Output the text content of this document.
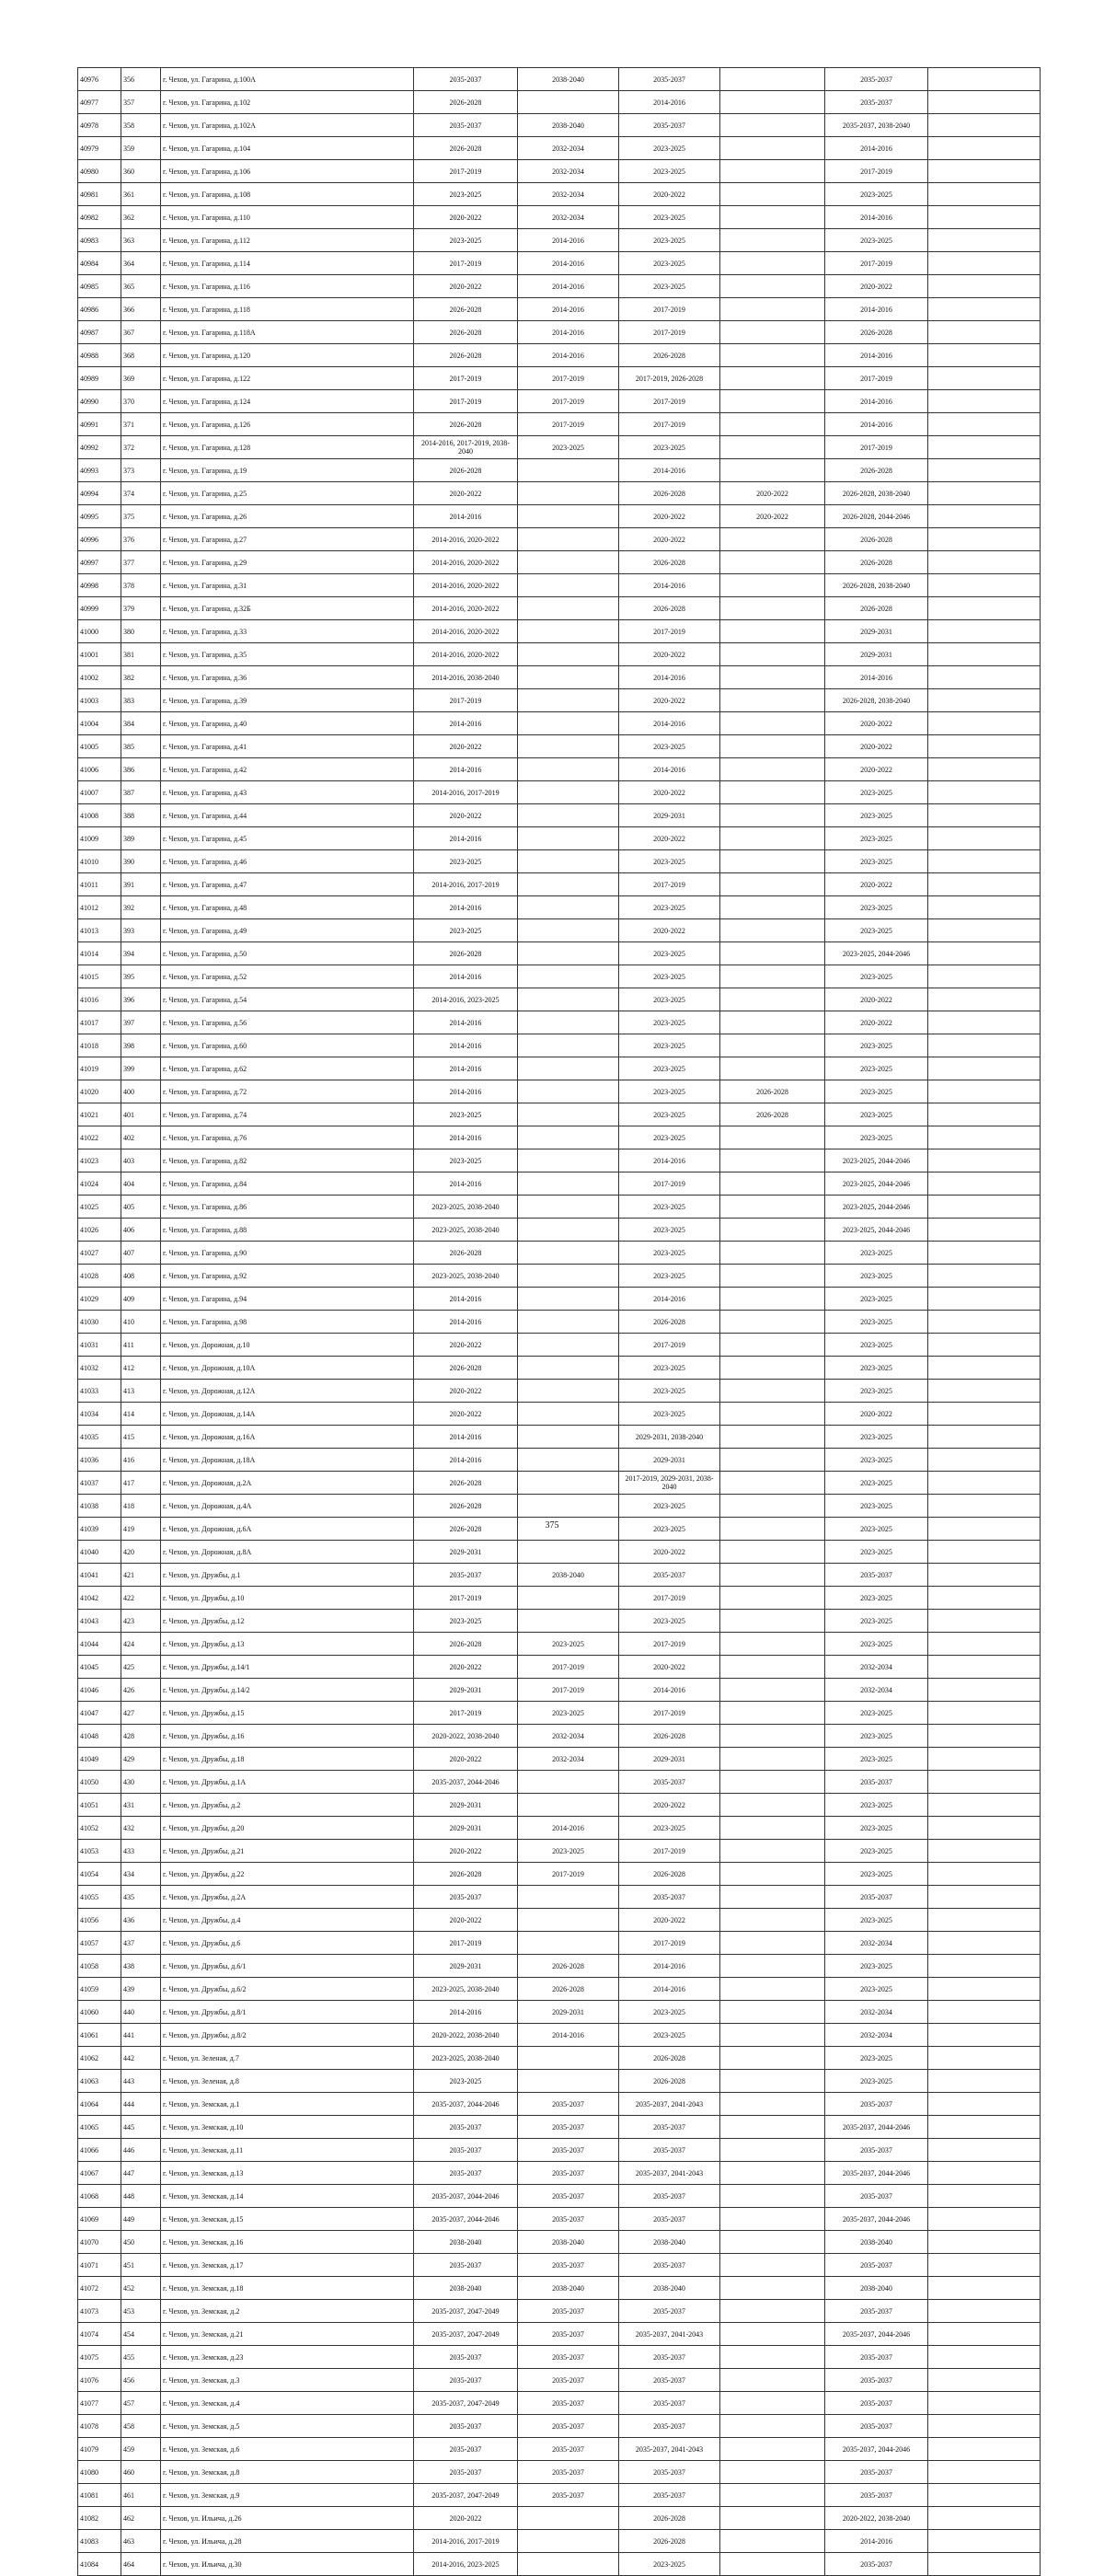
40976	356	г. Чехов, ул. Гагарина, д.100А	2035-2037	2038-2040	2035-2037		2035-2037	
40977	357	г. Чехов, ул. Гагарина, д.102	2026-2028		2014-2016		2035-2037	
40978	358	г. Чехов, ул. Гагарина, д.102А	2035-2037	2038-2040	2035-2037		2035-2037, 2038-2040	
40979	359	г. Чехов, ул. Гагарина, д.104	2026-2028	2032-2034	2023-2025		2014-2016	
40980	360	г. Чехов, ул. Гагарина, д.106	2017-2019	2032-2034	2023-2025		2017-2019	
40981	361	г. Чехов, ул. Гагарина, д.108	2023-2025	2032-2034	2020-2022		2023-2025	
40982	362	г. Чехов, ул. Гагарина, д.110	2020-2022	2032-2034	2023-2025		2014-2016	
40983	363	г. Чехов, ул. Гагарина, д.112	2023-2025	2014-2016	2023-2025		2023-2025	
40984	364	г. Чехов, ул. Гагарина, д.114	2017-2019	2014-2016	2023-2025		2017-2019	
40985	365	г. Чехов, ул. Гагарина, д.116	2020-2022	2014-2016	2023-2025		2020-2022	
40986	366	г. Чехов, ул. Гагарина, д.118	2026-2028	2014-2016	2017-2019		2014-2016	
40987	367	г. Чехов, ул. Гагарина, д.118А	2026-2028	2014-2016	2017-2019		2026-2028	
40988	368	г. Чехов, ул. Гагарина, д.120	2026-2028	2014-2016	2026-2028		2014-2016	
40989	369	г. Чехов, ул. Гагарина, д.122	2017-2019	2017-2019	2017-2019, 2026-2028		2017-2019	
40990	370	г. Чехов, ул. Гагарина, д.124	2017-2019	2017-2019	2017-2019		2014-2016	
40991	371	г. Чехов, ул. Гагарина, д.126	2026-2028	2017-2019	2017-2019		2014-2016	
40992	372	г. Чехов, ул. Гагарина, д.128	2014-2016, 2017-2019, 2038-2040	2023-2025	2023-2025		2017-2019	
40993	373	г. Чехов, ул. Гагарина, д.19	2026-2028		2014-2016		2026-2028	
40994	374	г. Чехов, ул. Гагарина, д.25	2020-2022		2026-2028	2020-2022	2026-2028, 2038-2040	
40995	375	г. Чехов, ул. Гагарина, д.26	2014-2016		2020-2022	2020-2022	2026-2028, 2044-2046	
40996	376	г. Чехов, ул. Гагарина, д.27	2014-2016, 2020-2022		2020-2022		2026-2028	
40997	377	г. Чехов, ул. Гагарина, д.29	2014-2016, 2020-2022		2026-2028		2026-2028	
40998	378	г. Чехов, ул. Гагарина, д.31	2014-2016, 2020-2022		2014-2016		2026-2028, 2038-2040	
40999	379	г. Чехов, ул. Гагарина, д.32Б	2014-2016, 2020-2022		2026-2028		2026-2028	
41000	380	г. Чехов, ул. Гагарина, д.33	2014-2016, 2020-2022		2017-2019		2029-2031	
41001	381	г. Чехов, ул. Гагарина, д.35	2014-2016, 2020-2022		2020-2022		2029-2031	
41002	382	г. Чехов, ул. Гагарина, д.36	2014-2016, 2038-2040		2014-2016		2014-2016	
41003	383	г. Чехов, ул. Гагарина, д.39	2017-2019		2020-2022		2026-2028, 2038-2040	
41004	384	г. Чехов, ул. Гагарина, д.40	2014-2016		2014-2016		2020-2022	
41005	385	г. Чехов, ул. Гагарина, д.41	2020-2022		2023-2025		2020-2022	
41006	386	г. Чехов, ул. Гагарина, д.42	2014-2016		2014-2016		2020-2022	
41007	387	г. Чехов, ул. Гагарина, д.43	2014-2016, 2017-2019		2020-2022		2023-2025	
41008	388	г. Чехов, ул. Гагарина, д.44	2020-2022		2029-2031		2023-2025	
41009	389	г. Чехов, ул. Гагарина, д.45	2014-2016		2020-2022		2023-2025	
41010	390	г. Чехов, ул. Гагарина, д.46	2023-2025		2023-2025		2023-2025	
41011	391	г. Чехов, ул. Гагарина, д.47	2014-2016, 2017-2019		2017-2019		2020-2022	
41012	392	г. Чехов, ул. Гагарина, д.48	2014-2016		2023-2025		2023-2025	
41013	393	г. Чехов, ул. Гагарина, д.49	2023-2025		2020-2022		2023-2025	
41014	394	г. Чехов, ул. Гагарина, д.50	2026-2028		2023-2025		2023-2025, 2044-2046	
41015	395	г. Чехов, ул. Гагарина, д.52	2014-2016		2023-2025		2023-2025	
41016	396	г. Чехов, ул. Гагарина, д.54	2014-2016, 2023-2025		2023-2025		2020-2022	
41017	397	г. Чехов, ул. Гагарина, д.56	2014-2016		2023-2025		2020-2022	
41018	398	г. Чехов, ул. Гагарина, д.60	2014-2016		2023-2025		2023-2025	
41019	399	г. Чехов, ул. Гагарина, д.62	2014-2016		2023-2025		2023-2025	
41020	400	г. Чехов, ул. Гагарина, д.72	2014-2016		2023-2025	2026-2028	2023-2025	
41021	401	г. Чехов, ул. Гагарина, д.74	2023-2025		2023-2025	2026-2028	2023-2025	
41022	402	г. Чехов, ул. Гагарина, д.76	2014-2016		2023-2025		2023-2025	
41023	403	г. Чехов, ул. Гагарина, д.82	2023-2025		2014-2016		2023-2025, 2044-2046	
41024	404	г. Чехов, ул. Гагарина, д.84	2014-2016		2017-2019		2023-2025, 2044-2046	
41025	405	г. Чехов, ул. Гагарина, д.86	2023-2025, 2038-2040		2023-2025		2023-2025, 2044-2046	
41026	406	г. Чехов, ул. Гагарина, д.88	2023-2025, 2038-2040		2023-2025		2023-2025, 2044-2046	
41027	407	г. Чехов, ул. Гагарина, д.90	2026-2028		2023-2025		2023-2025	
41028	408	г. Чехов, ул. Гагарина, д.92	2023-2025, 2038-2040		2023-2025		2023-2025	
41029	409	г. Чехов, ул. Гагарина, д.94	2014-2016		2014-2016		2023-2025	
41030	410	г. Чехов, ул. Гагарина, д.98	2014-2016		2026-2028		2023-2025	
41031	411	г. Чехов, ул. Дорожная, д.10	2020-2022		2017-2019		2023-2025	
41032	412	г. Чехов, ул. Дорожная, д.10А	2026-2028		2023-2025		2023-2025	
41033	413	г. Чехов, ул. Дорожная, д.12А	2020-2022		2023-2025		2023-2025	
41034	414	г. Чехов, ул. Дорожная, д.14А	2020-2022		2023-2025		2020-2022	
41035	415	г. Чехов, ул. Дорожная, д.16А	2014-2016		2029-2031, 2038-2040		2023-2025	
41036	416	г. Чехов, ул. Дорожная, д.18А	2014-2016		2029-2031		2023-2025	
41037	417	г. Чехов, ул. Дорожная, д.2А	2026-2028		2017-2019, 2029-2031, 2038-2040		2023-2025	
41038	418	г. Чехов, ул. Дорожная, д.4А	2026-2028		2023-2025		2023-2025	
41039	419	г. Чехов, ул. Дорожная, д.6А	2026-2028		2023-2025		2023-2025	
41040	420	г. Чехов, ул. Дорожная, д.8А	2029-2031		2020-2022		2023-2025	
41041	421	г. Чехов, ул. Дружбы, д.1	2035-2037	2038-2040	2035-2037		2035-2037	
41042	422	г. Чехов, ул. Дружбы, д.10	2017-2019		2017-2019		2023-2025	
41043	423	г. Чехов, ул. Дружбы, д.12	2023-2025		2023-2025		2023-2025	
41044	424	г. Чехов, ул. Дружбы, д.13	2026-2028	2023-2025	2017-2019		2023-2025	
41045	425	г. Чехов, ул. Дружбы, д.14/1	2020-2022	2017-2019	2020-2022		2032-2034	
41046	426	г. Чехов, ул. Дружбы, д.14/2	2029-2031	2017-2019	2014-2016		2032-2034	
41047	427	г. Чехов, ул. Дружбы, д.15	2017-2019	2023-2025	2017-2019		2023-2025	
41048	428	г. Чехов, ул. Дружбы, д.16	2020-2022, 2038-2040	2032-2034	2026-2028		2023-2025	
41049	429	г. Чехов, ул. Дружбы, д.18	2020-2022	2032-2034	2029-2031		2023-2025	
41050	430	г. Чехов, ул. Дружбы, д.1А	2035-2037, 2044-2046		2035-2037		2035-2037	
41051	431	г. Чехов, ул. Дружбы, д.2	2029-2031		2020-2022		2023-2025	
41052	432	г. Чехов, ул. Дружбы, д.20	2029-2031	2014-2016	2023-2025		2023-2025	
41053	433	г. Чехов, ул. Дружбы, д.21	2020-2022	2023-2025	2017-2019		2023-2025	
41054	434	г. Чехов, ул. Дружбы, д.22	2026-2028	2017-2019	2026-2028		2023-2025	
41055	435	г. Чехов, ул. Дружбы, д.2А	2035-2037		2035-2037		2035-2037	
41056	436	г. Чехов, ул. Дружбы, д.4	2020-2022		2020-2022		2023-2025	
41057	437	г. Чехов, ул. Дружбы, д.6	2017-2019		2017-2019		2032-2034	
41058	438	г. Чехов, ул. Дружбы, д.6/1	2029-2031	2026-2028	2014-2016		2023-2025	
41059	439	г. Чехов, ул. Дружбы, д.6/2	2023-2025, 2038-2040	2026-2028	2014-2016		2023-2025	
41060	440	г. Чехов, ул. Дружбы, д.8/1	2014-2016	2029-2031	2023-2025		2032-2034	
41061	441	г. Чехов, ул. Дружбы, д.8/2	2020-2022, 2038-2040	2014-2016	2023-2025		2032-2034	
41062	442	г. Чехов, ул. Зеленая, д.7	2023-2025, 2038-2040		2026-2028		2023-2025	
41063	443	г. Чехов, ул. Зеленая, д.8	2023-2025		2026-2028		2023-2025	
41064	444	г. Чехов, ул. Земская, д.1	2035-2037, 2044-2046	2035-2037	2035-2037, 2041-2043		2035-2037	
41065	445	г. Чехов, ул. Земская, д.10	2035-2037	2035-2037	2035-2037		2035-2037, 2044-2046	
41066	446	г. Чехов, ул. Земская, д.11	2035-2037	2035-2037	2035-2037		2035-2037	
41067	447	г. Чехов, ул. Земская, д.13	2035-2037	2035-2037	2035-2037, 2041-2043		2035-2037, 2044-2046	
41068	448	г. Чехов, ул. Земская, д.14	2035-2037, 2044-2046	2035-2037	2035-2037		2035-2037	
41069	449	г. Чехов, ул. Земская, д.15	2035-2037, 2044-2046	2035-2037	2035-2037		2035-2037, 2044-2046	
41070	450	г. Чехов, ул. Земская, д.16	2038-2040	2038-2040	2038-2040		2038-2040	
41071	451	г. Чехов, ул. Земская, д.17	2035-2037	2035-2037	2035-2037		2035-2037	
41072	452	г. Чехов, ул. Земская, д.18	2038-2040	2038-2040	2038-2040		2038-2040	
41073	453	г. Чехов, ул. Земская, д.2	2035-2037, 2047-2049	2035-2037	2035-2037		2035-2037	
41074	454	г. Чехов, ул. Земская, д.21	2035-2037, 2047-2049	2035-2037	2035-2037, 2041-2043		2035-2037, 2044-2046	
41075	455	г. Чехов, ул. Земская, д.23	2035-2037	2035-2037	2035-2037		2035-2037	
41076	456	г. Чехов, ул. Земская, д.3	2035-2037	2035-2037	2035-2037		2035-2037	
41077	457	г. Чехов, ул. Земская, д.4	2035-2037, 2047-2049	2035-2037	2035-2037		2035-2037	
41078	458	г. Чехов, ул. Земская, д.5	2035-2037	2035-2037	2035-2037		2035-2037	
41079	459	г. Чехов, ул. Земская, д.6	2035-2037	2035-2037	2035-2037, 2041-2043		2035-2037, 2044-2046	
41080	460	г. Чехов, ул. Земская, д.8	2035-2037	2035-2037	2035-2037		2035-2037	
41081	461	г. Чехов, ул. Земская, д.9	2035-2037, 2047-2049	2035-2037	2035-2037		2035-2037	
41082	462	г. Чехов, ул. Ильича, д.26	2020-2022		2026-2028		2020-2022, 2038-2040	
41083	463	г. Чехов, ул. Ильича, д.28	2014-2016, 2017-2019		2026-2028		2014-2016	
41084	464	г. Чехов, ул. Ильича, д.30	2014-2016, 2023-2025		2023-2025		2035-2037	
375
